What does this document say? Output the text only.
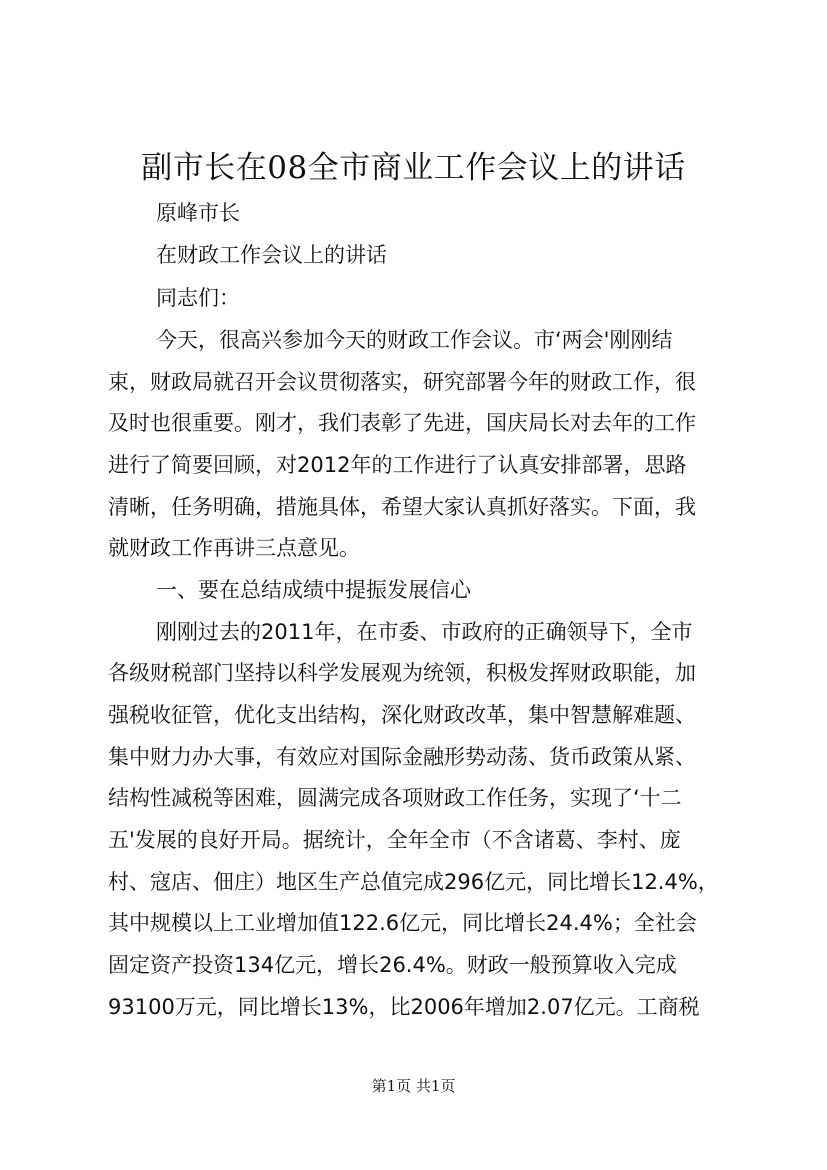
副市长在08全市商业工作会议上的讲话
原峰市长
在财政工作会议上的讲话
同志们：
今天，很高兴参加今天的财政工作会议。市‘两会'刚刚结
束，财政局就召开会议贯彻落实，研究部署今年的财政工作，很
及时也很重要。刚才，我们表彰了先进，国庆局长对去年的工作
进行了简要回顾，对2012年的工作进行了认真安排部署，思路
清晰，任务明确，措施具体，希望大家认真抓好落实。下面，我
就财政工作再讲三点意见。
一、要在总结成绩中提振发展信心
刚刚过去的2011年，在市委、市政府的正确领导下，全市
各级财税部门坚持以科学发展观为统领，积极发挥财政职能，加
强税收征管，优化支出结构，深化财政改革，集中智慧解难题、
集中财力办大事，有效应对国际金融形势动荡、货币政策从紧、
结构性减税等困难，圆满完成各项财政工作任务，实现了‘十二
五'发展的良好开局。据统计，全年全市（不含诸葛、李村、庞
村、寇店、佃庄）地区生产总值完成296亿元，同比增长12.4%，
其中规模以上工业增加值122.6亿元，同比增长24.4%；全社会
固定资产投资134亿元，增长26.4%。财政一般预算收入完成
93100万元，同比增长13%，比2006年增加2.07亿元。工商税
第1页 共1页
